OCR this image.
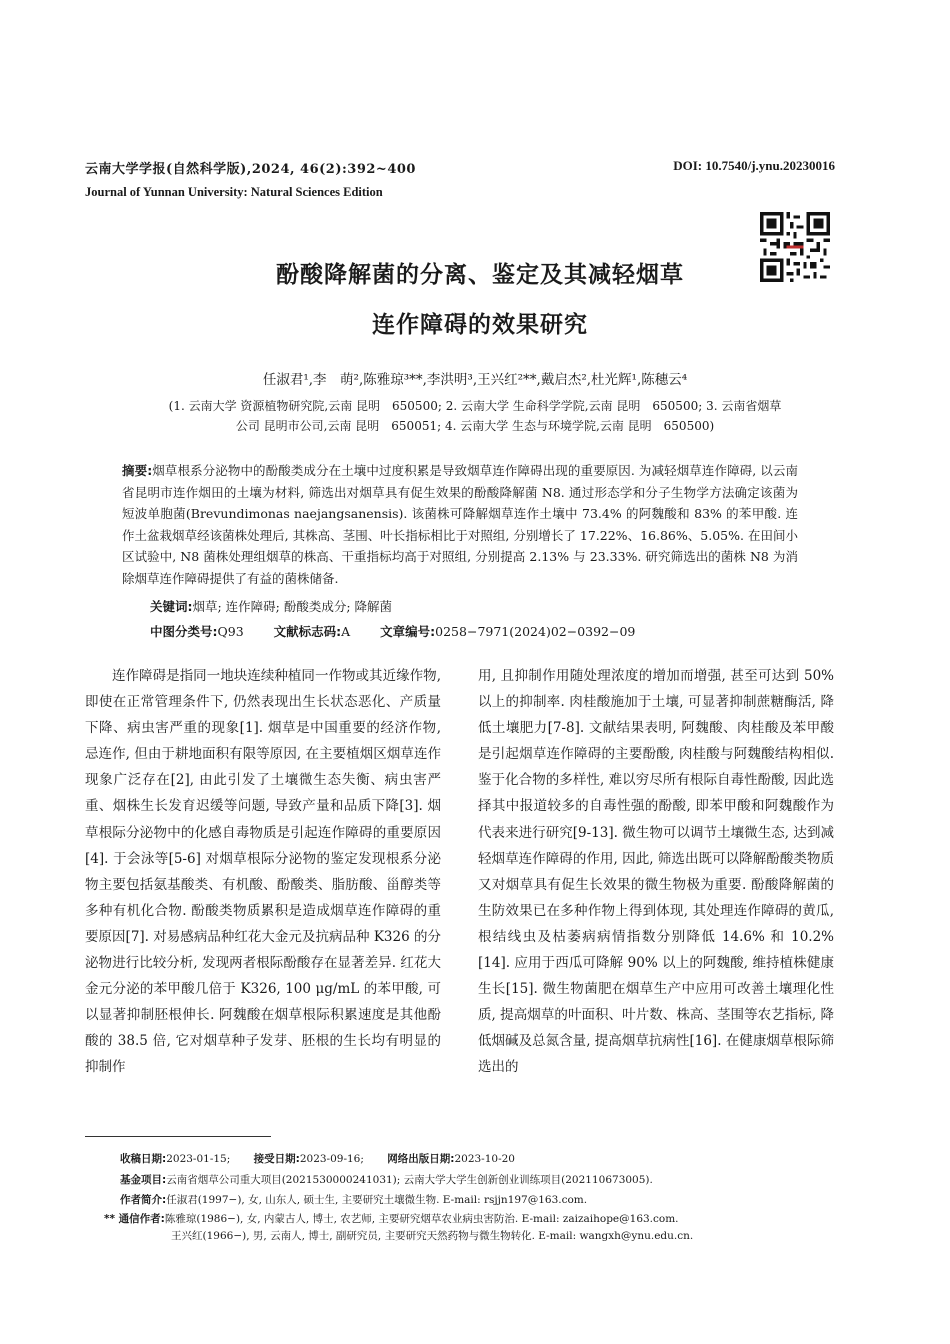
云南大学学报(自然科学版),2024, 46(2):392~400
Journal of Yunnan University: Natural Sciences Edition
DOI: 10.7540/j.ynu.20230016
酚酸降解菌的分离、鉴定及其减轻烟草
连作障碍的效果研究
任淑君¹,李　萌²,陈雅琼³**,李洪明³,王兴红²**,戴启杰²,杜光辉¹,陈穗云⁴
(1. 云南大学 资源植物研究院,云南 昆明　650500; 2. 云南大学 生命科学学院,云南 昆明　650500; 3. 云南省烟草
公司 昆明市公司,云南 昆明　650051; 4. 云南大学 生态与环境学院,云南 昆明　650500)
摘要:烟草根系分泌物中的酚酸类成分在土壤中过度积累是导致烟草连作障碍出现的重要原因. 为减轻烟草连作障碍, 以云南省昆明市连作烟田的土壤为材料, 筛选出对烟草具有促生效果的酚酸降解菌 N8. 通过形态学和分子生物学方法确定该菌为短波单胞菌(Brevundimonas naejangsanensis). 该菌株可降解烟草连作土壤中 73.4% 的阿魏酸和 83% 的苯甲酸. 连作土盆栽烟草经该菌株处理后, 其株高、茎围、叶长指标相比于对照组, 分别增长了 17.22%、16.86%、5.05%. 在田间小区试验中, N8 菌株处理组烟草的株高、干重指标均高于对照组, 分别提高 2.13% 与 23.33%. 研究筛选出的菌株 N8 为消除烟草连作障碍提供了有益的菌株储备.
关键词:烟草; 连作障碍; 酚酸类成分; 降解菌
中图分类号:Q93 文献标志码:A 文章编号:0258−7971(2024)02−0392−09
连作障碍是指同一地块连续种植同一作物或其近缘作物, 即使在正常管理条件下, 仍然表现出生长状态恶化、产质量下降、病虫害严重的现象[1]. 烟草是中国重要的经济作物, 忌连作, 但由于耕地面积有限等原因, 在主要植烟区烟草连作现象广泛存在[2], 由此引发了土壤微生态失衡、病虫害严重、烟株生长发育迟缓等问题, 导致产量和品质下降[3]. 烟草根际分泌物中的化感自毒物质是引起连作障碍的重要原因[4]. 于会泳等[5-6] 对烟草根际分泌物的鉴定发现根系分泌物主要包括氨基酸类、有机酸、酚酸类、脂肪酸、甾醇类等多种有机化合物. 酚酸类物质累积是造成烟草连作障碍的重要原因[7]. 对易感病品种红花大金元及抗病品种 K326 的分泌物进行比较分析, 发现两者根际酚酸存在显著差异. 红花大金元分泌的苯甲酸几倍于 K326, 100 μg/mL 的苯甲酸, 可以显著抑制胚根伸长. 阿魏酸在烟草根际积累速度是其他酚酸的 38.5 倍, 它对烟草种子发芽、胚根的生长均有明显的抑制作
用, 且抑制作用随处理浓度的增加而增强, 甚至可达到 50% 以上的抑制率. 肉桂酸施加于土壤, 可显著抑制蔗糖酶活, 降低土壤肥力[7-8]. 文献结果表明, 阿魏酸、肉桂酸及苯甲酸是引起烟草连作障碍的主要酚酸, 肉桂酸与阿魏酸结构相似. 鉴于化合物的多样性, 难以穷尽所有根际自毒性酚酸, 因此选择其中报道较多的自毒性强的酚酸, 即苯甲酸和阿魏酸作为代表来进行研究[9-13]. 微生物可以调节土壤微生态, 达到减轻烟草连作障碍的作用, 因此, 筛选出既可以降解酚酸类物质又对烟草具有促生长效果的微生物极为重要. 酚酸降解菌的生防效果已在多种作物上得到体现, 其处理连作障碍的黄瓜, 根结线虫及枯萎病病情指数分别降低 14.6% 和 10.2%[14]. 应用于西瓜可降解 90% 以上的阿魏酸, 维持植株健康生长[15]. 微生物菌肥在烟草生产中应用可改善土壤理化性质, 提高烟草的叶面积、叶片数、株高、茎围等农艺指标, 降低烟碱及总氮含量, 提高烟草抗病性[16]. 在健康烟草根际筛选出的
收稿日期:2023-01-15; 接受日期:2023-09-16; 网络出版日期:2023-10-20
基金项目:云南省烟草公司重大项目(2021530000241031); 云南大学大学生创新创业训练项目(202110673005).
作者简介:任淑君(1997−), 女, 山东人, 硕士生, 主要研究土壤微生物. E-mail: rsjjn197@163.com.
** 通信作者:陈雅琼(1986−), 女, 内蒙古人, 博士, 农艺师, 主要研究烟草农业病虫害防治. E-mail: zaizaihope@163.com.
王兴红(1966−), 男, 云南人, 博士, 副研究员, 主要研究天然药物与微生物转化. E-mail: wangxh@ynu.edu.cn.
